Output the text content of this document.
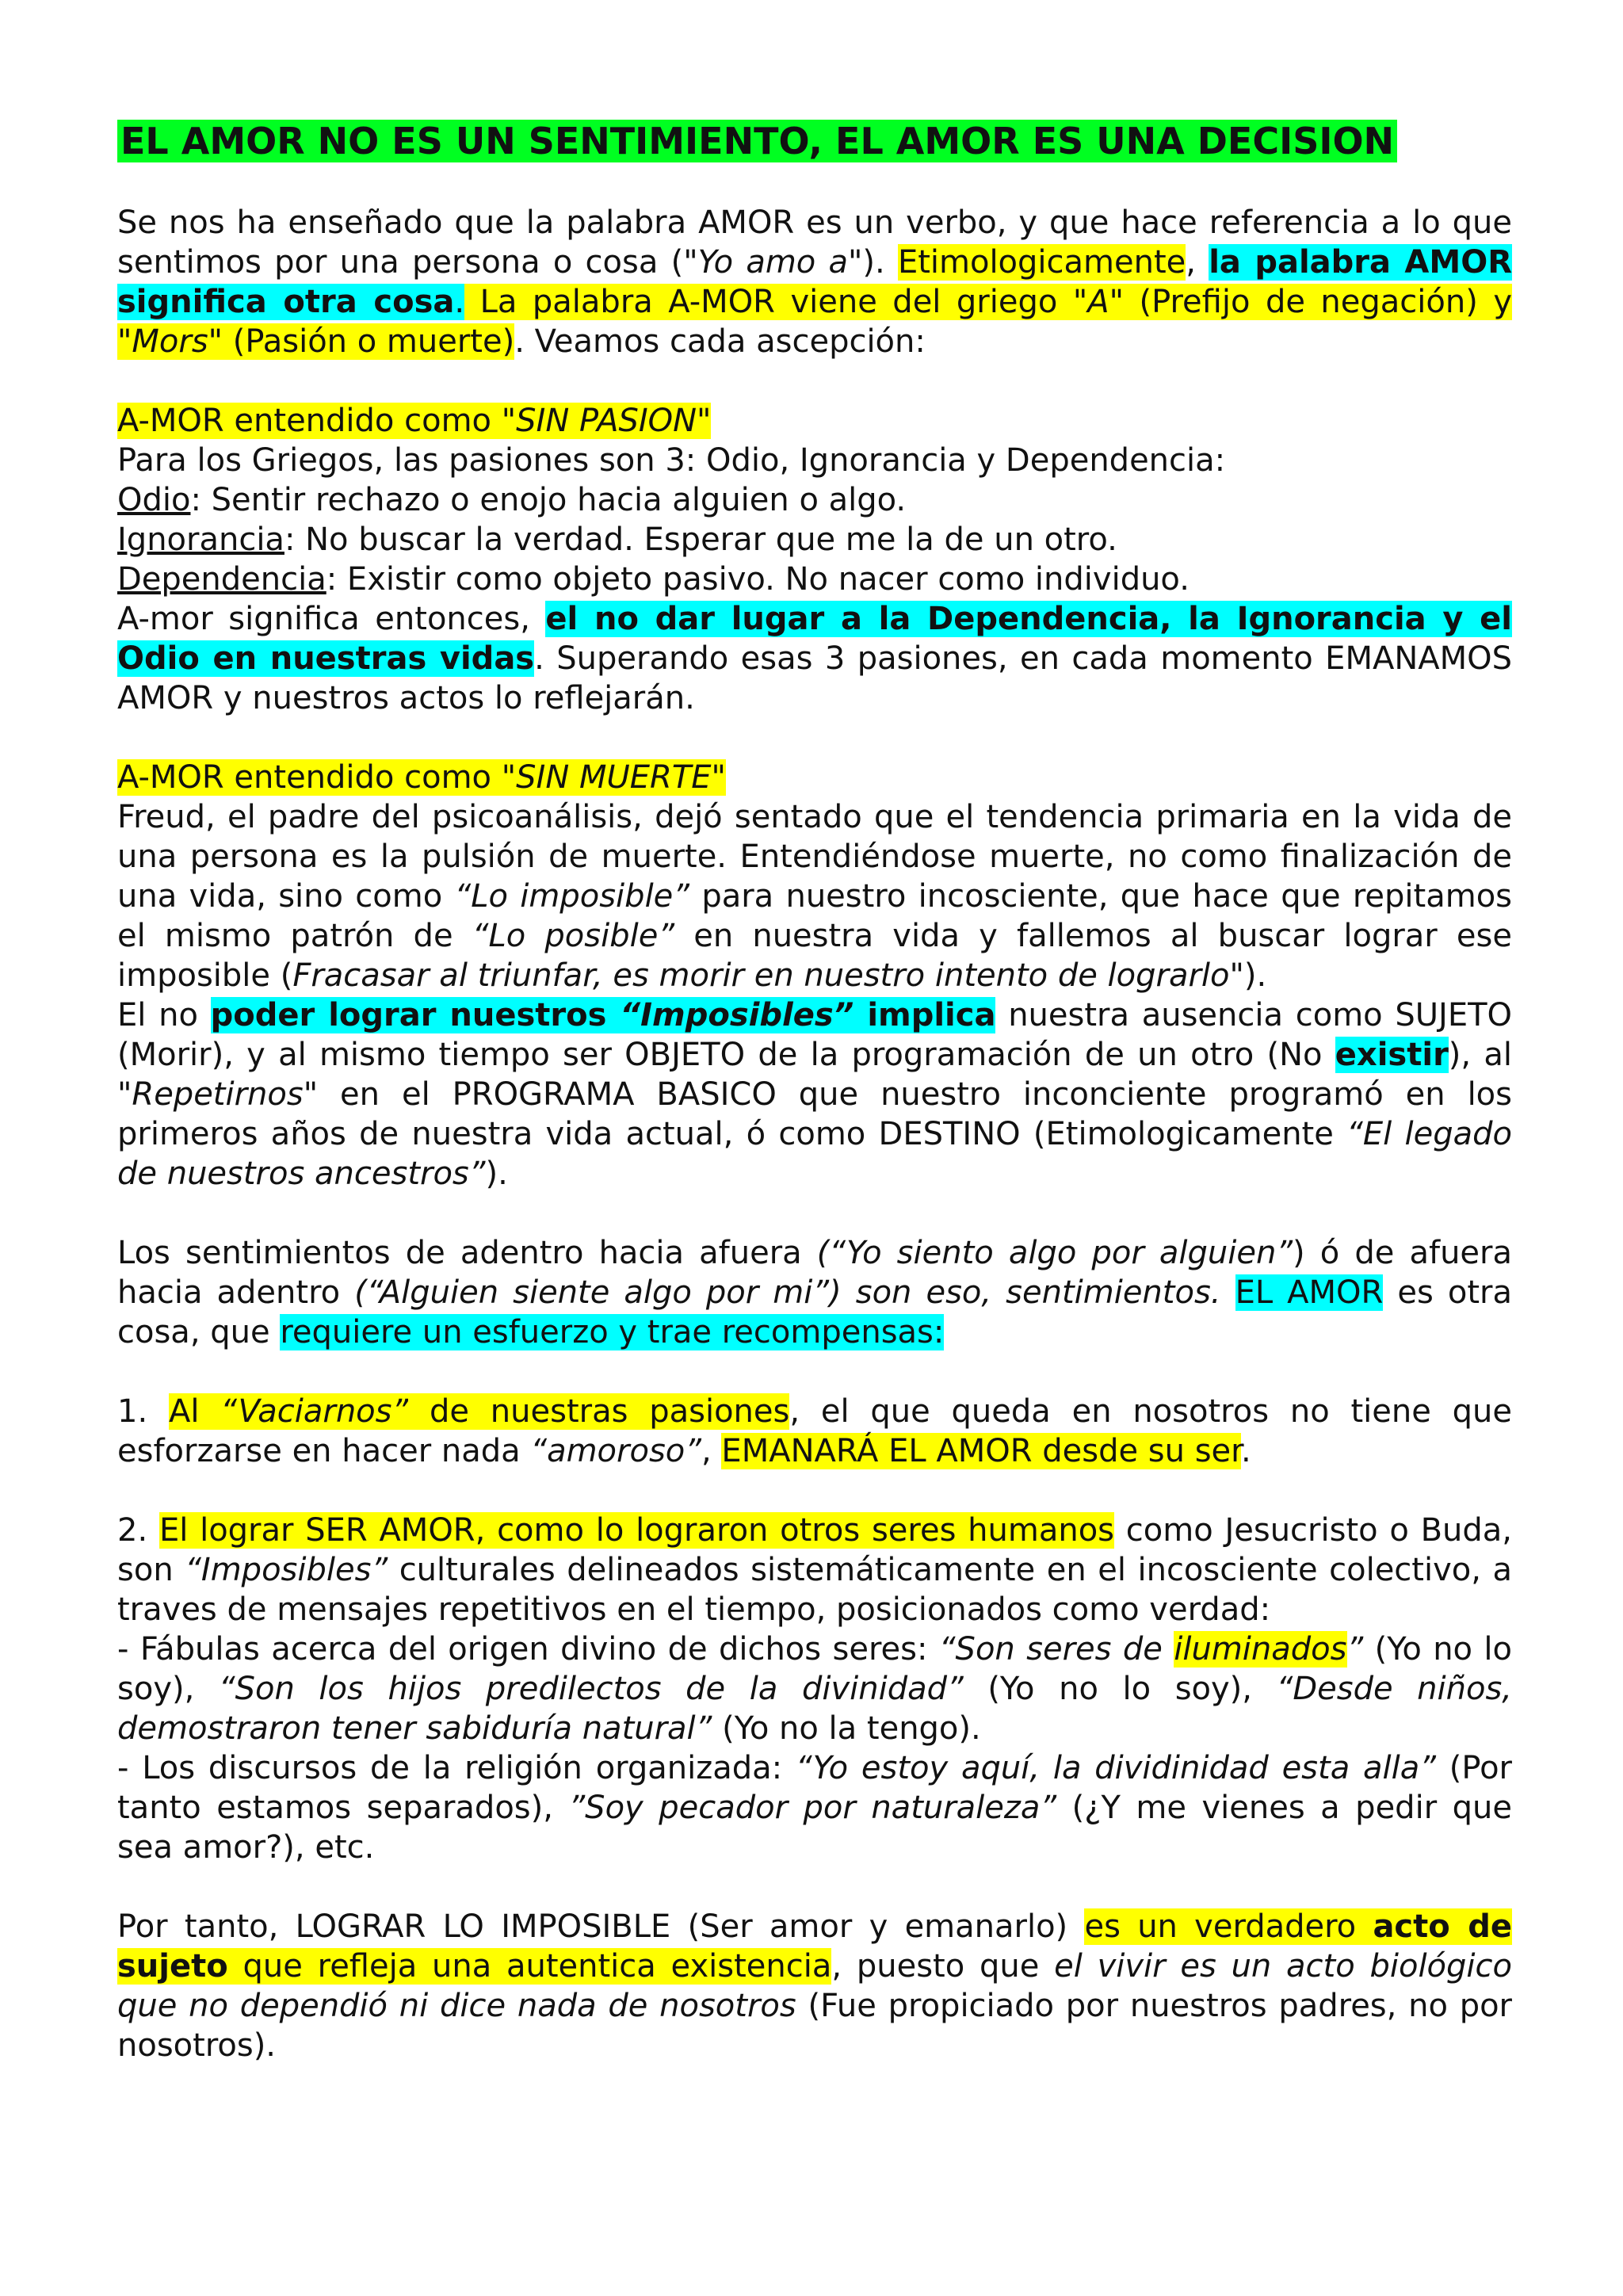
EL AMOR NO ES UN SENTIMIENTO, EL AMOR ES UNA DECISION

Se nos ha enseñado que la palabra AMOR es un verbo, y que hace referencia a lo que sentimos por una persona o cosa ("Yo amo a"). Etimologicamente, la palabra AMOR significa otra cosa. La palabra A-MOR viene del griego "A" (Prefijo de negación) y "Mors" (Pasión o muerte). Veamos cada ascepción:

A-MOR entendido como "SIN PASION"

Para los Griegos, las pasiones son 3: Odio, Ignorancia y Dependencia:

Odio: Sentir rechazo o enojo hacia alguien o algo.

Ignorancia: No buscar la verdad. Esperar que me la de un otro.

Dependencia: Existir como objeto pasivo. No nacer como individuo.

A-mor significa entonces, el no dar lugar a la Dependencia, la Ignorancia y el Odio en nuestras vidas. Superando esas 3 pasiones, en cada momento EMANAMOS AMOR y nuestros actos lo reflejarán.

A-MOR entendido como "SIN MUERTE"

Freud, el padre del psicoanálisis, dejó sentado que el tendencia primaria en la vida de una persona es la pulsión de muerte. Entendiéndose muerte, no como finalización de una vida, sino como “Lo imposible” para nuestro incosciente, que hace que repitamos el mismo patrón de “Lo posible” en nuestra vida y fallemos al buscar lograr ese imposible (Fracasar al triunfar, es morir en nuestro intento de lograrlo").

El no poder lograr nuestros “Imposibles” implica nuestra ausencia como SUJETO (Morir), y al mismo tiempo ser OBJETO de la programación de un otro (No existir), al "Repetirnos" en el PROGRAMA BASICO que nuestro inconciente programó en los primeros años de nuestra vida actual, ó como DESTINO (Etimologicamente “El legado de nuestros ancestros”).

Los sentimientos de adentro hacia afuera (“Yo siento algo por alguien”) ó de afuera hacia adentro (“Alguien siente algo por mi”) son eso, sentimientos. EL AMOR es otra cosa, que requiere un esfuerzo y trae recompensas:

1. Al “Vaciarnos” de nuestras pasiones, el que queda en nosotros no tiene que esforzarse en hacer nada “amoroso”, EMANARÁ EL AMOR desde su ser.

2. El lograr SER AMOR, como lo lograron otros seres humanos como Jesucristo o Buda, son “Imposibles” culturales delineados sistemáticamente en el incosciente colectivo, a traves de mensajes repetitivos en el tiempo, posicionados como verdad:

- Fábulas acerca del origen divino de dichos seres: “Son seres de iluminados” (Yo no lo soy), “Son los hijos predilectos de la divinidad” (Yo no lo soy), “Desde niños, demostraron tener sabiduría natural” (Yo no la tengo).

- Los discursos de la religión organizada: “Yo estoy aquí, la dividinidad esta alla” (Por tanto estamos separados), ”Soy pecador por naturaleza” (¿Y me vienes a pedir que sea amor?), etc.

Por tanto, LOGRAR LO IMPOSIBLE (Ser amor y emanarlo) es un verdadero acto de sujeto que refleja una autentica existencia, puesto que el vivir es un acto biológico que no dependió ni dice nada de nosotros (Fue propiciado por nuestros padres, no por nosotros).
